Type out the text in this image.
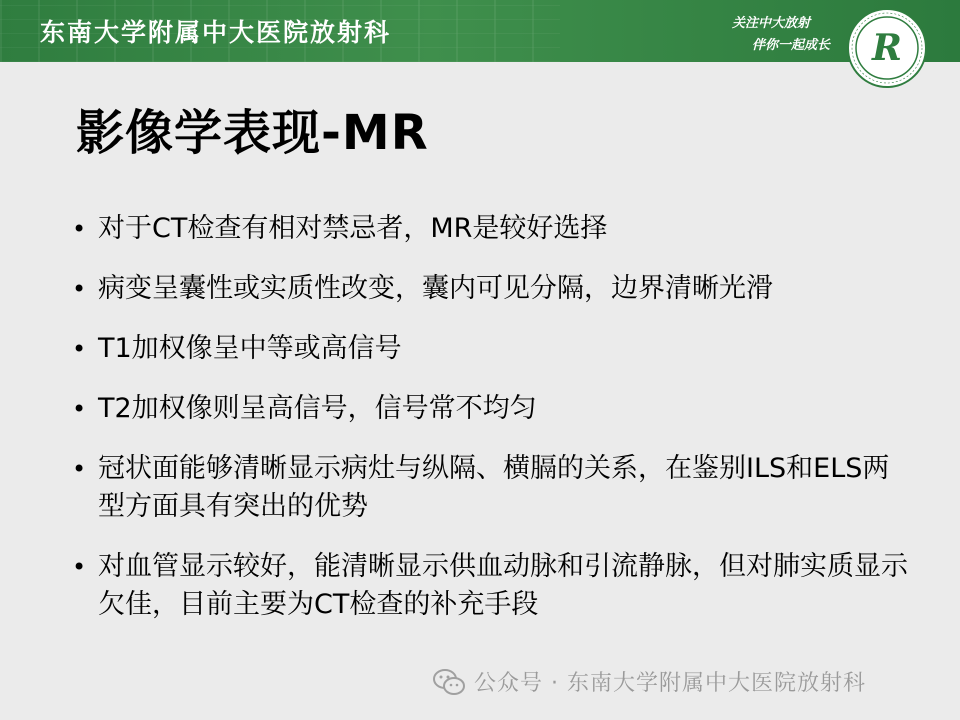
东南大学附属中大医院放射科	关注中大放射
伴你一起成长 R
影像学表现-MR
• 对于CT检查有相对禁忌者，MR是较好选择
• 病变呈囊性或实质性改变，囊内可见分隔，边界清晰光滑
• T1加权像呈中等或高信号
• T2加权像则呈高信号，信号常不均匀
• 冠状面能够清晰显示病灶与纵隔、横膈的关系，在鉴别ILS和ELS两型方面具有突出的优势
• 对血管显示较好，能清晰显示供血动脉和引流静脉，但对肺实质显示欠佳，目前主要为CT检查的补充手段
公众号 · 东南大学附属中大医院放射科
